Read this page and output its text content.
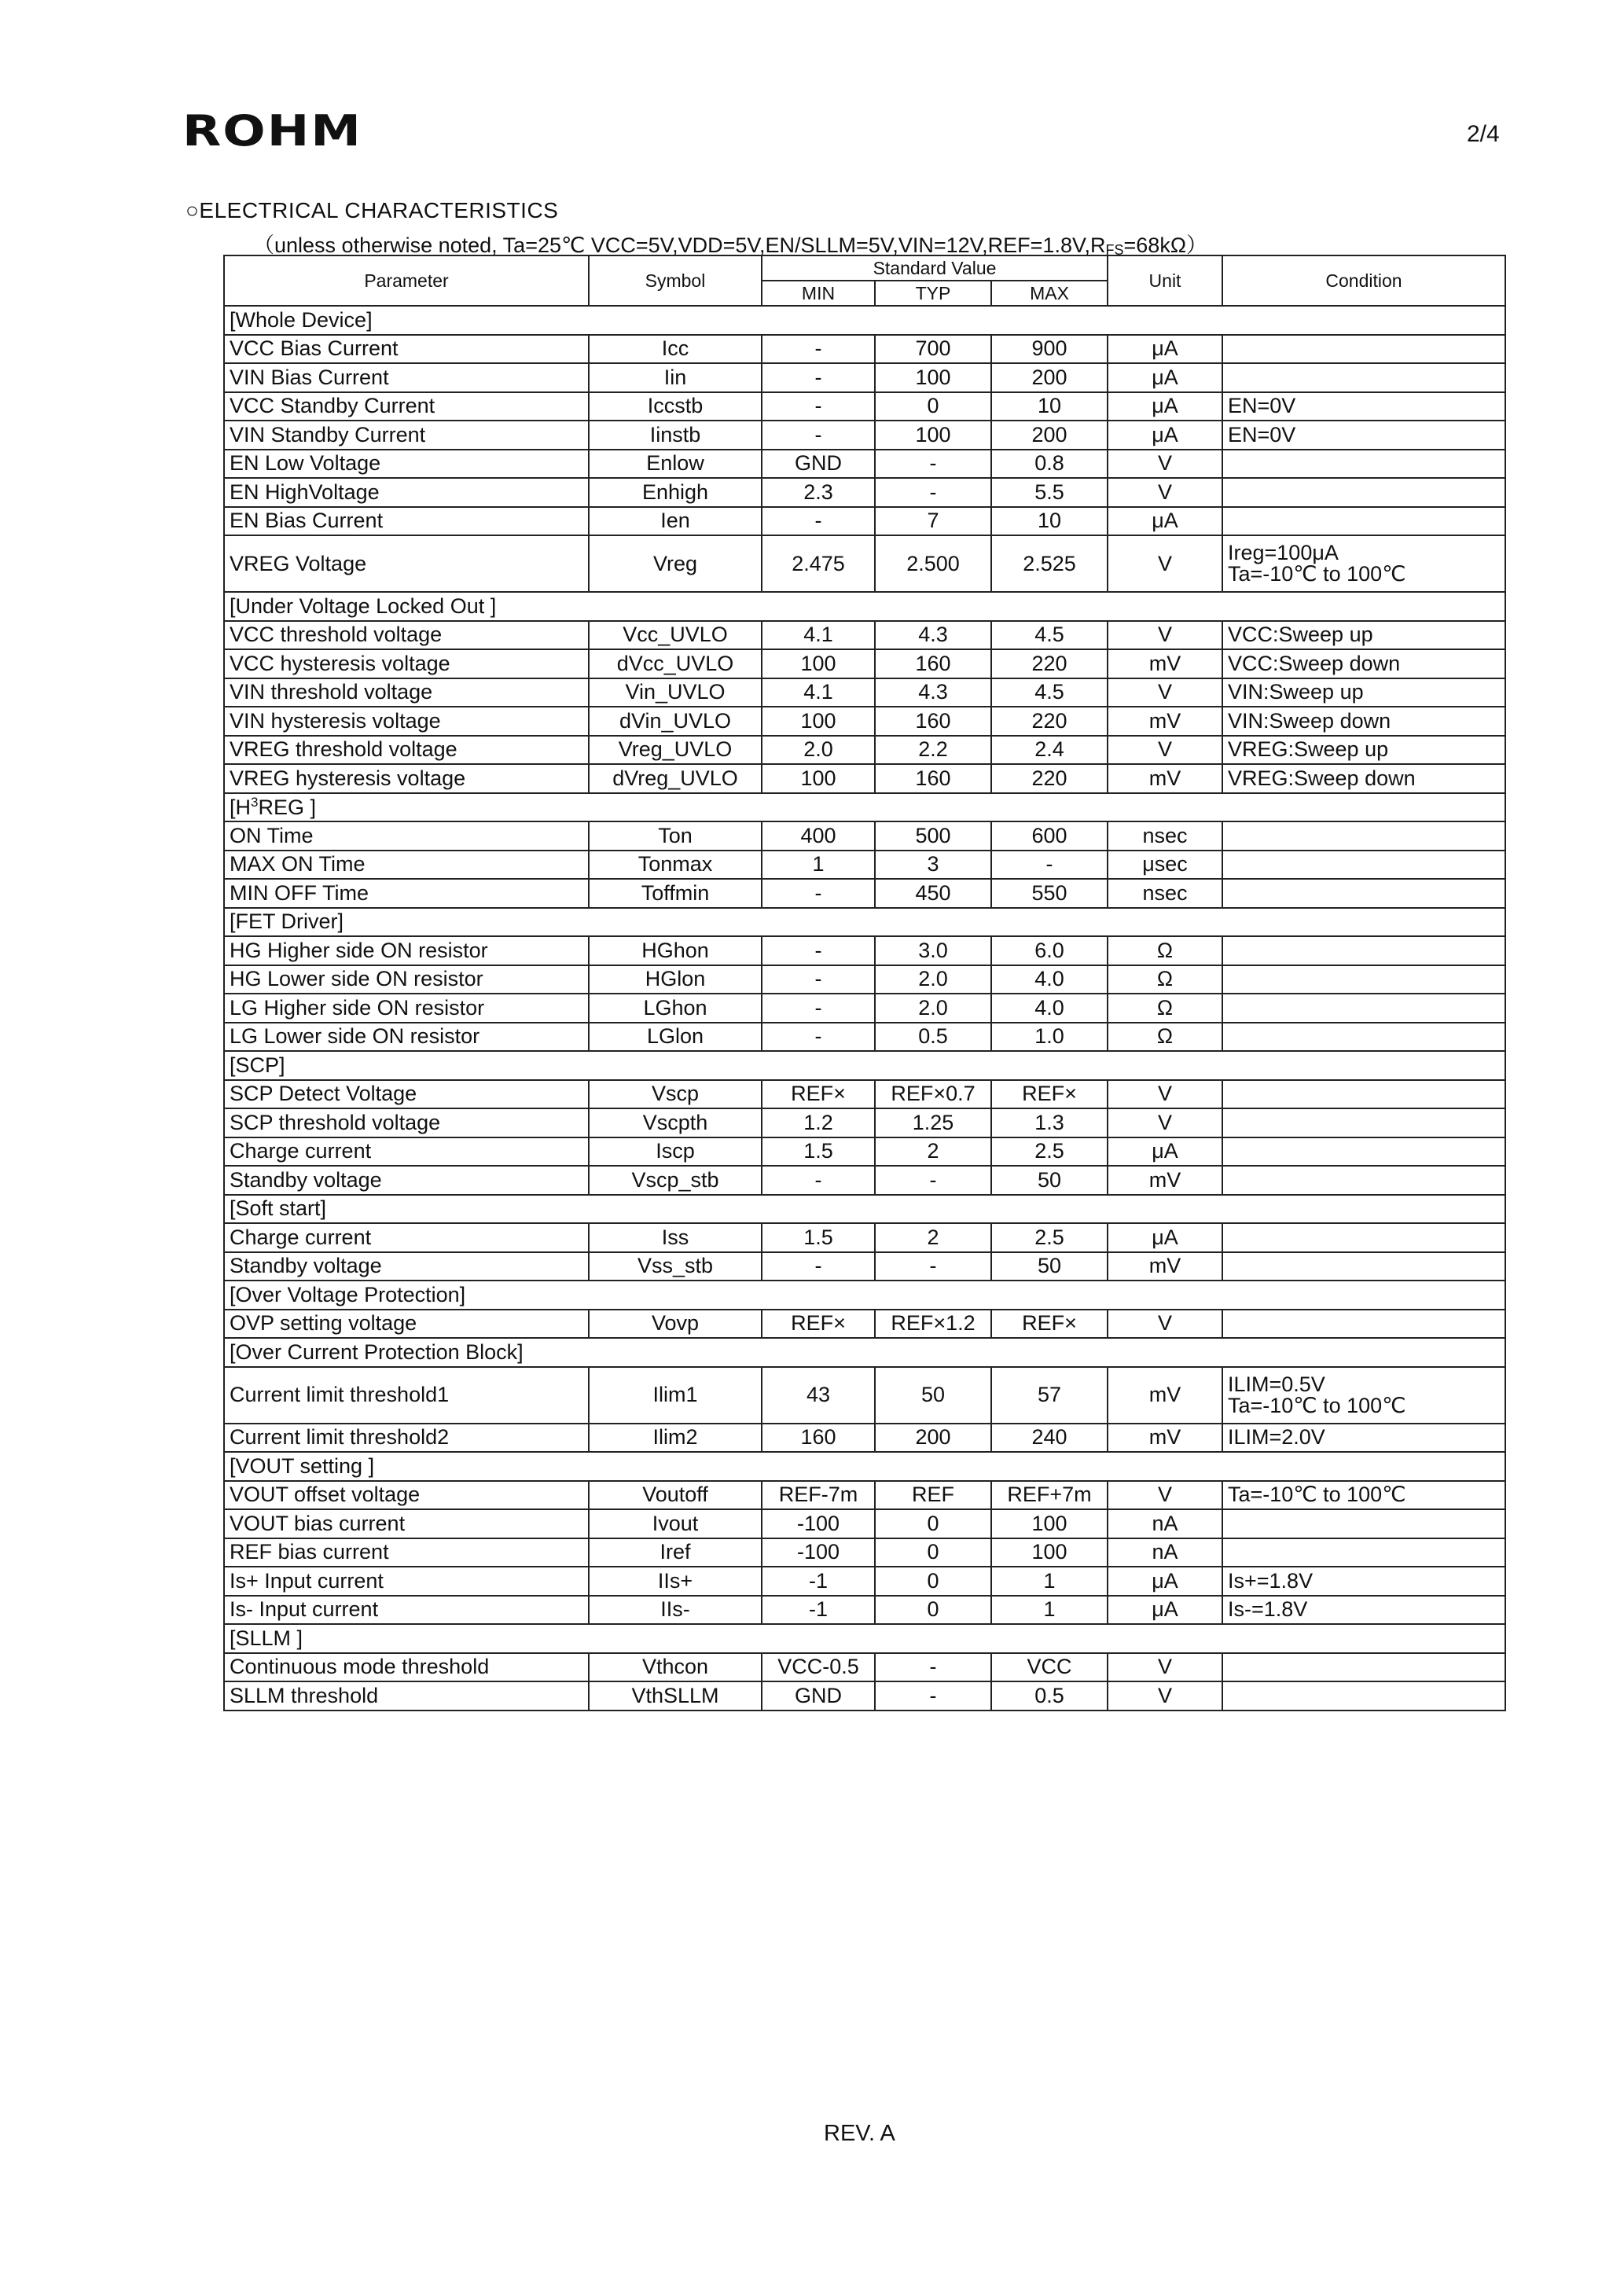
ROHM	2/4
○ELECTRICAL CHARACTERISTICS
（unless otherwise noted, Ta=25℃ $VCC=5V,VDD=5V,EN/SLLM=5V,VIN=12V,REF=1.8V,R_{FS}=68k\Omega$）
Parameter	Symbol	Standard Value			Unit	Condition
		MIN	TYP	MAX		
[Whole Device]						
VCC Bias Current	Icc	-	700	900	μA	
VIN Bias Current	Iin	-	100	200	μA	
VCC Standby Current	Iccstb	-	0	10	μA	EN=0V
VIN Standby Current	Iinstb	-	100	200	μA	EN=0V
EN Low Voltage	Enlow	GND	-	0.8	V	
EN HighVoltage	Enhigh	2.3	-	5.5	V	
EN Bias Current	Ien	-	7	10	μA	
VREG Voltage	Vreg	2.475	2.500	2.525	V	Ireg=100μA
Ta=-10℃ to 100℃

[Under Voltage Locked Out ]						
VCC threshold voltage	Vcc_UVLO	4.1	4.3	4.5	V	VCC:Sweep up
VCC hysteresis voltage	dVcc_UVLO	100	160	220	mV	VCC:Sweep down
VIN threshold voltage	Vin_UVLO	4.1	4.3	4.5	V	VIN:Sweep up
VIN hysteresis voltage	dVin_UVLO	100	160	220	mV	VIN:Sweep down
VREG threshold voltage	Vreg_UVLO	2.0	2.2	2.4	V	VREG:Sweep up
VREG hysteresis voltage	dVreg_UVLO	100	160	220	mV	VREG:Sweep down
[$H^3REG$ ]						
ON Time	Ton	400	500	600	nsec	
MAX ON Time	Tonmax	1	3	-	μsec	
MIN OFF Time	Toffmin	-	450	550	nsec	
[FET Driver]						
HG Higher side ON resistor	HGhon	-	3.0	6.0	Ω	
HG Lower side ON resistor	HGlon	-	2.0	4.0	Ω	
LG Higher side ON resistor	LGhon	-	2.0	4.0	Ω	
LG Lower side ON resistor	LGlon	-	0.5	1.0	Ω	
[SCP]						
SCP Detect Voltage	Vscp	REF×	REF×0.7	REF×	V	
SCP threshold voltage	Vscpth	1.2	1.25	1.3	V	
Charge current	Iscp	1.5	2	2.5	μA	
Standby voltage	Vscp_stb	-	-	50	mV	
[Soft start]						
Charge current	Iss	1.5	2	2.5	μA	
Standby voltage	Vss_stb	-	-	50	mV	
[Over Voltage Protection]						
OVP setting voltage	Vovp	REF×	REF×1.2	REF×	V	
[Over Current Protection Block]						
Current limit threshold1	Ilim1	43	50	57	mV	ILIM=0.5V
Ta=-10℃ to 100℃

Current limit threshold2	Ilim2	160	200	240	mV	ILIM=2.0V
[VOUT setting ]						
VOUT offset voltage	Voutoff	REF-7m	REF	REF+7m	V	Ta=-10℃ to 100℃
VOUT bias current	Ivout	-100	0	100	nA	
REF bias current	Iref	-100	0	100	nA	
Is+ Input current	IIs+	-1	0	1	μA	Is+=1.8V
Is- Input current	IIs-	-1	0	1	μA	Is-=1.8V
[SLLM ]						
Continuous mode threshold	Vthcon	VCC-0.5	-	VCC	V	
SLLM threshold	VthSLLM	GND	-	0.5	V	
REV. A
